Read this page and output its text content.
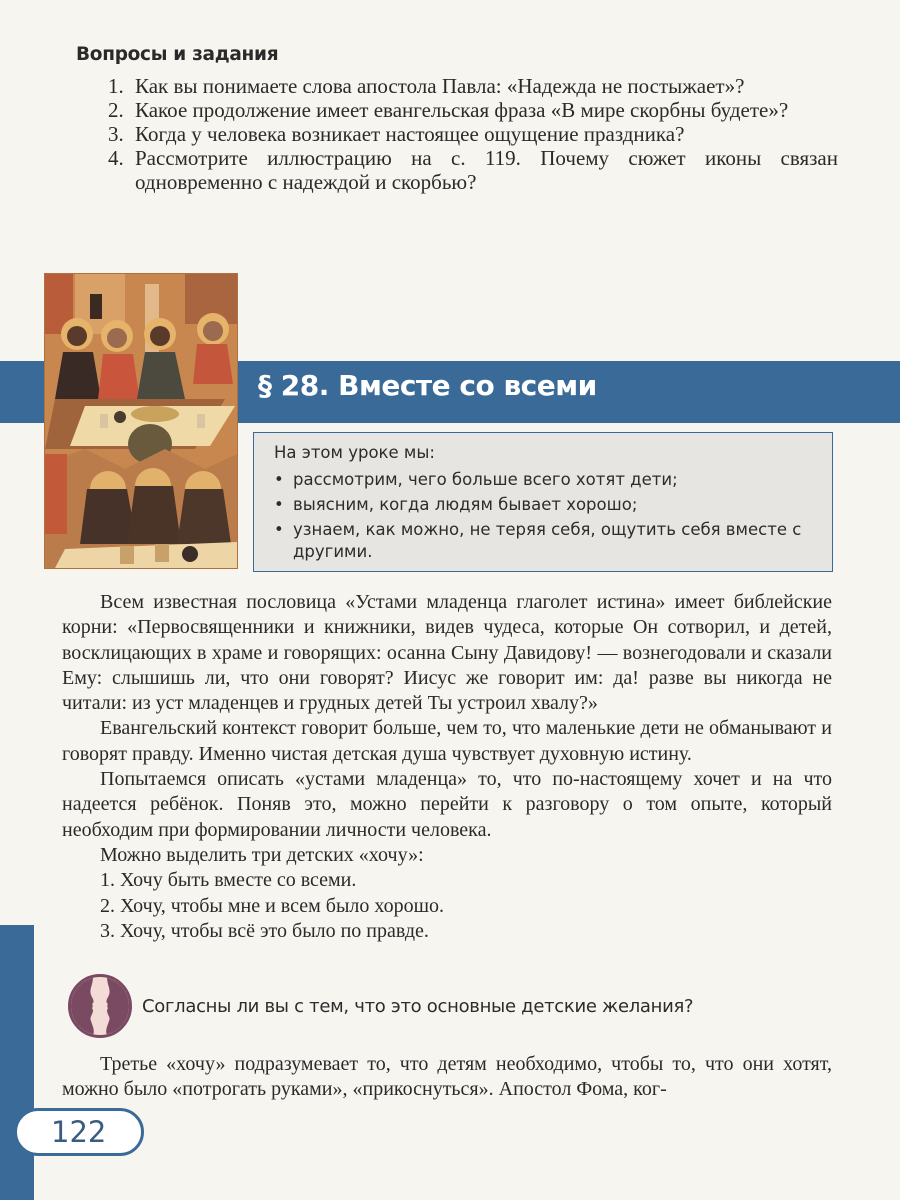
Вопросы и задания
1. Как вы понимаете слова апостола Павла: «Надежда не постыжает»?
2. Какое продолжение имеет евангельская фраза «В мире скорбны будете»?
3. Когда у человека возникает настоящее ощущение праздника?
4. Рассмотрите иллюстрацию на с. 119. Почему сюжет иконы связан одновременно с надеждой и скорбью?
§ 28. Вместе со всеми
На этом уроке мы:
• рассмотрим, чего больше всего хотят дети;
• выясним, когда людям бывает хорошо;
• узнаем, как можно, не теряя себя, ощутить себя вместе с другими.

Всем известная пословица «Устами младенца глаголет истина» имеет библейские корни: «Первосвященники и книжники, видев чудеса, которые Он сотворил, и детей, восклицающих в храме и говорящих: осанна Сыну Давидову! — вознегодовали и сказали Ему: слышишь ли, что они говорят? Иисус же говорит им: да! разве вы никогда не читали: из уст младенцев и грудных детей Ты устроил хвалу?»

Евангельский контекст говорит больше, чем то, что маленькие дети не обманывают и говорят правду. Именно чистая детская душа чувствует духовную истину.

Попытаемся описать «устами младенца» то, что по-настоящему хочет и на что надеется ребёнок. Поняв это, можно перейти к разговору о том опыте, который необходим при формировании личности человека.

Можно выделить три детских «хочу»:

1. Хочу быть вместе со всеми.

2. Хочу, чтобы мне и всем было хорошо.

3. Хочу, чтобы всё это было по правде.

Согласны ли вы с тем, что это основные детские желания?

Третье «хочу» подразумевает то, что детям необходимо, чтобы то, что они хотят, можно было «потрогать руками», «прикоснуться». Апостол Фома, ког-

122
